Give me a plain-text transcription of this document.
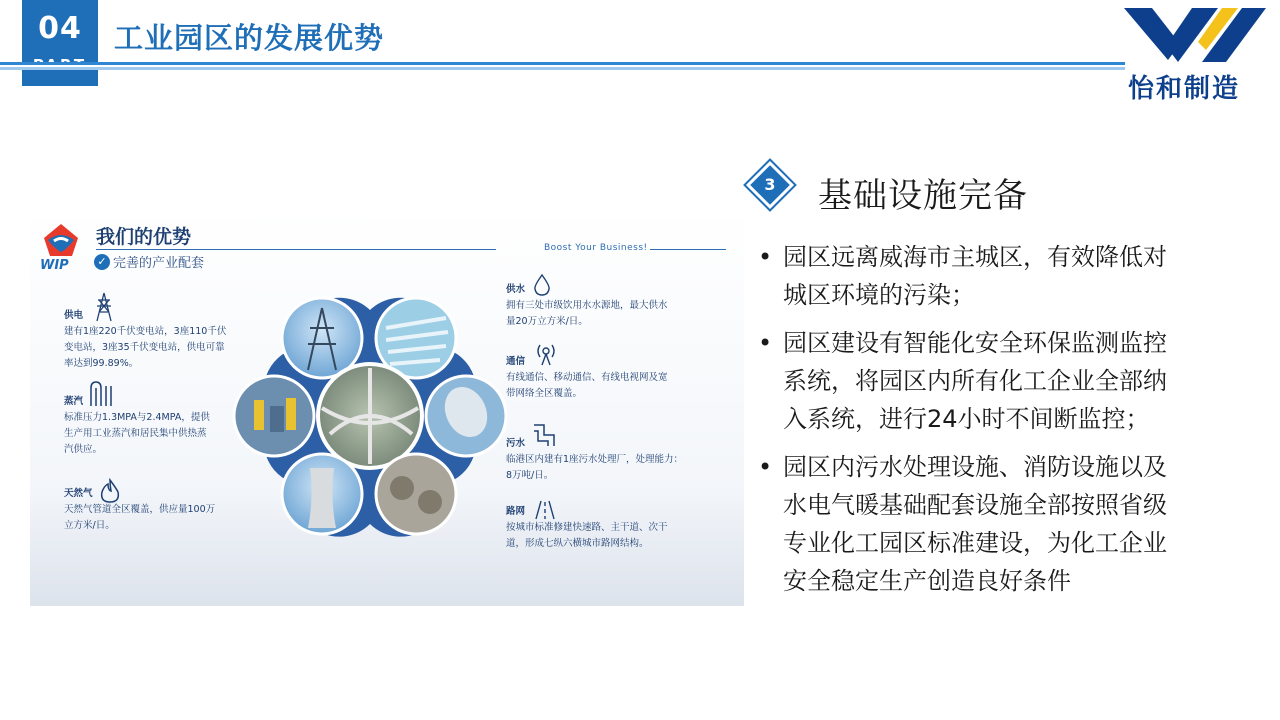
04	工业园区的发展优势
怡和制造
WIP
我们的优势
✓ 完善的产业配套
Boost Your Business!
供电
建有1座220千伏变电站，3座110千伏
变电站，3座35千伏变电站，供电可靠
率达到99.89%。
蒸汽
标准压力1.3MPA与2.4MPA，提供
生产用工业蒸汽和居民集中供热蒸
汽供应。
天然气
天然气管道全区覆盖，供应量100万
立方米/日。
供水
拥有三处市级饮用水水源地，最大供水
量20万立方米/日。
通信
有线通信、移动通信、有线电视网及宽
带网络全区覆盖。
污水
临港区内建有1座污水处理厂，处理能力：
8万吨/日。
路网
按城市标准修建快速路、主干道、次干
道，形成七纵六横城市路网结构。
3 基础设施完备
• 园区远离威海市主城区，有效降低对
城区环境的污染；
• 园区建设有智能化安全环保监测监控
系统，将园区内所有化工企业全部纳
入系统，进行24小时不间断监控；
• 园区内污水处理设施、消防设施以及
水电气暖基础配套设施全部按照省级
专业化工园区标准建设，为化工企业
安全稳定生产创造良好条件
